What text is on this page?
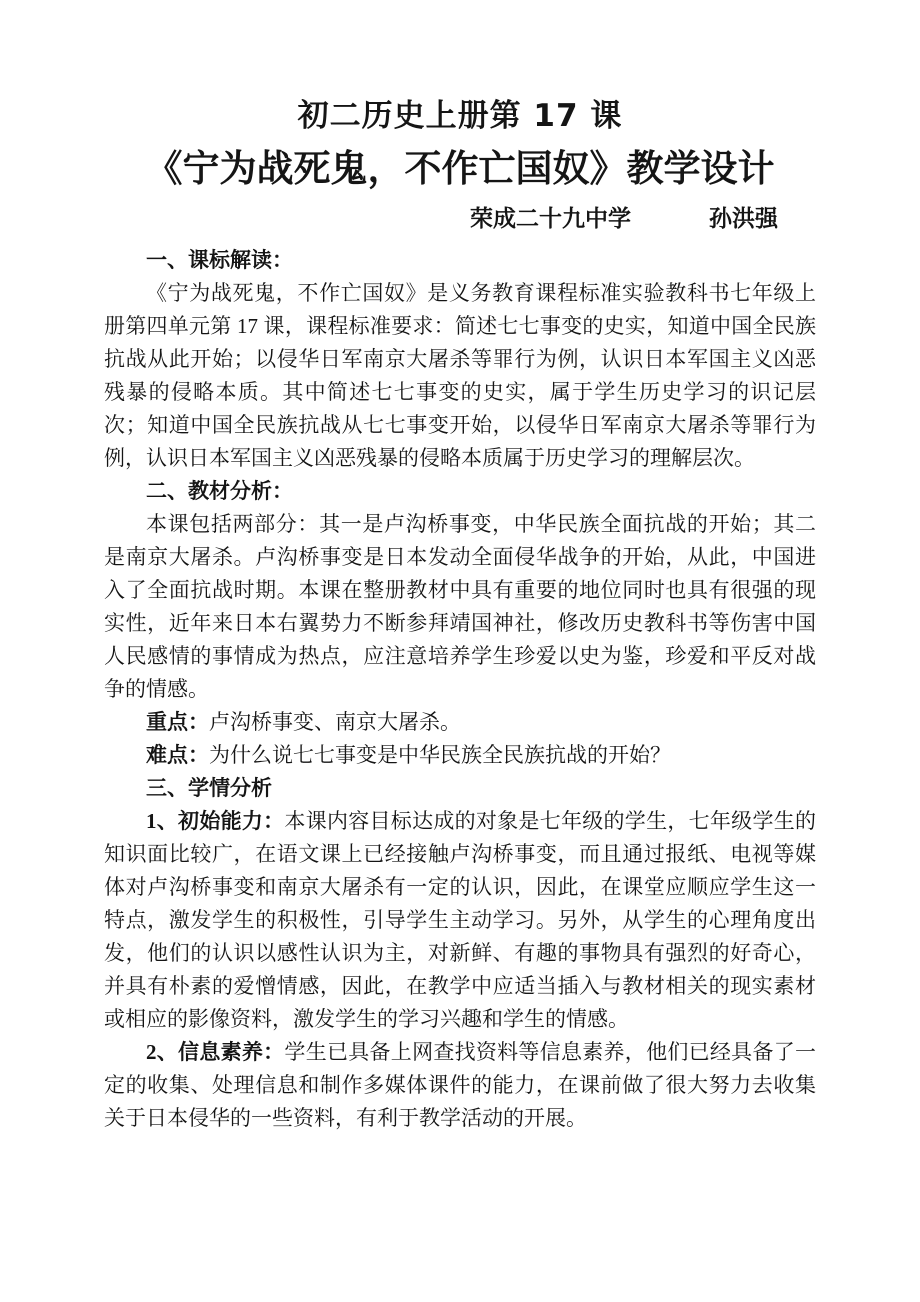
初二历史上册第 17 课
《宁为战死鬼，不作亡国奴》教学设计
荣成二十九中学	孙洪强

一、课标解读：

《宁为战死鬼，不作亡国奴》是义务教育课程标准实验教科书七年级上册第四单元第 17 课，课程标准要求：简述七七事变的史实，知道中国全民族抗战从此开始；以侵华日军南京大屠杀等罪行为例，认识日本军国主义凶恶残暴的侵略本质。其中简述七七事变的史实，属于学生历史学习的识记层次；知道中国全民族抗战从七七事变开始，以侵华日军南京大屠杀等罪行为例，认识日本军国主义凶恶残暴的侵略本质属于历史学习的理解层次。

二、教材分析：

本课包括两部分：其一是卢沟桥事变，中华民族全面抗战的开始；其二是南京大屠杀。卢沟桥事变是日本发动全面侵华战争的开始，从此，中国进入了全面抗战时期。本课在整册教材中具有重要的地位同时也具有很强的现实性，近年来日本右翼势力不断参拜靖国神社，修改历史教科书等伤害中国人民感情的事情成为热点，应注意培养学生珍爱以史为鉴，珍爱和平反对战争的情感。

重点：卢沟桥事变、南京大屠杀。

难点：为什么说七七事变是中华民族全民族抗战的开始？

三、学情分析

1、初始能力：本课内容目标达成的对象是七年级的学生，七年级学生的知识面比较广，在语文课上已经接触卢沟桥事变，而且通过报纸、电视等媒体对卢沟桥事变和南京大屠杀有一定的认识，因此，在课堂应顺应学生这一特点，激发学生的积极性，引导学生主动学习。另外，从学生的心理角度出发，他们的认识以感性认识为主，对新鲜、有趣的事物具有强烈的好奇心，并具有朴素的爱憎情感，因此，在教学中应适当插入与教材相关的现实素材或相应的影像资料，激发学生的学习兴趣和学生的情感。

2、信息素养：学生已具备上网查找资料等信息素养，他们已经具备了一定的收集、处理信息和制作多媒体课件的能力，在课前做了很大努力去收集关于日本侵华的一些资料，有利于教学活动的开展。
